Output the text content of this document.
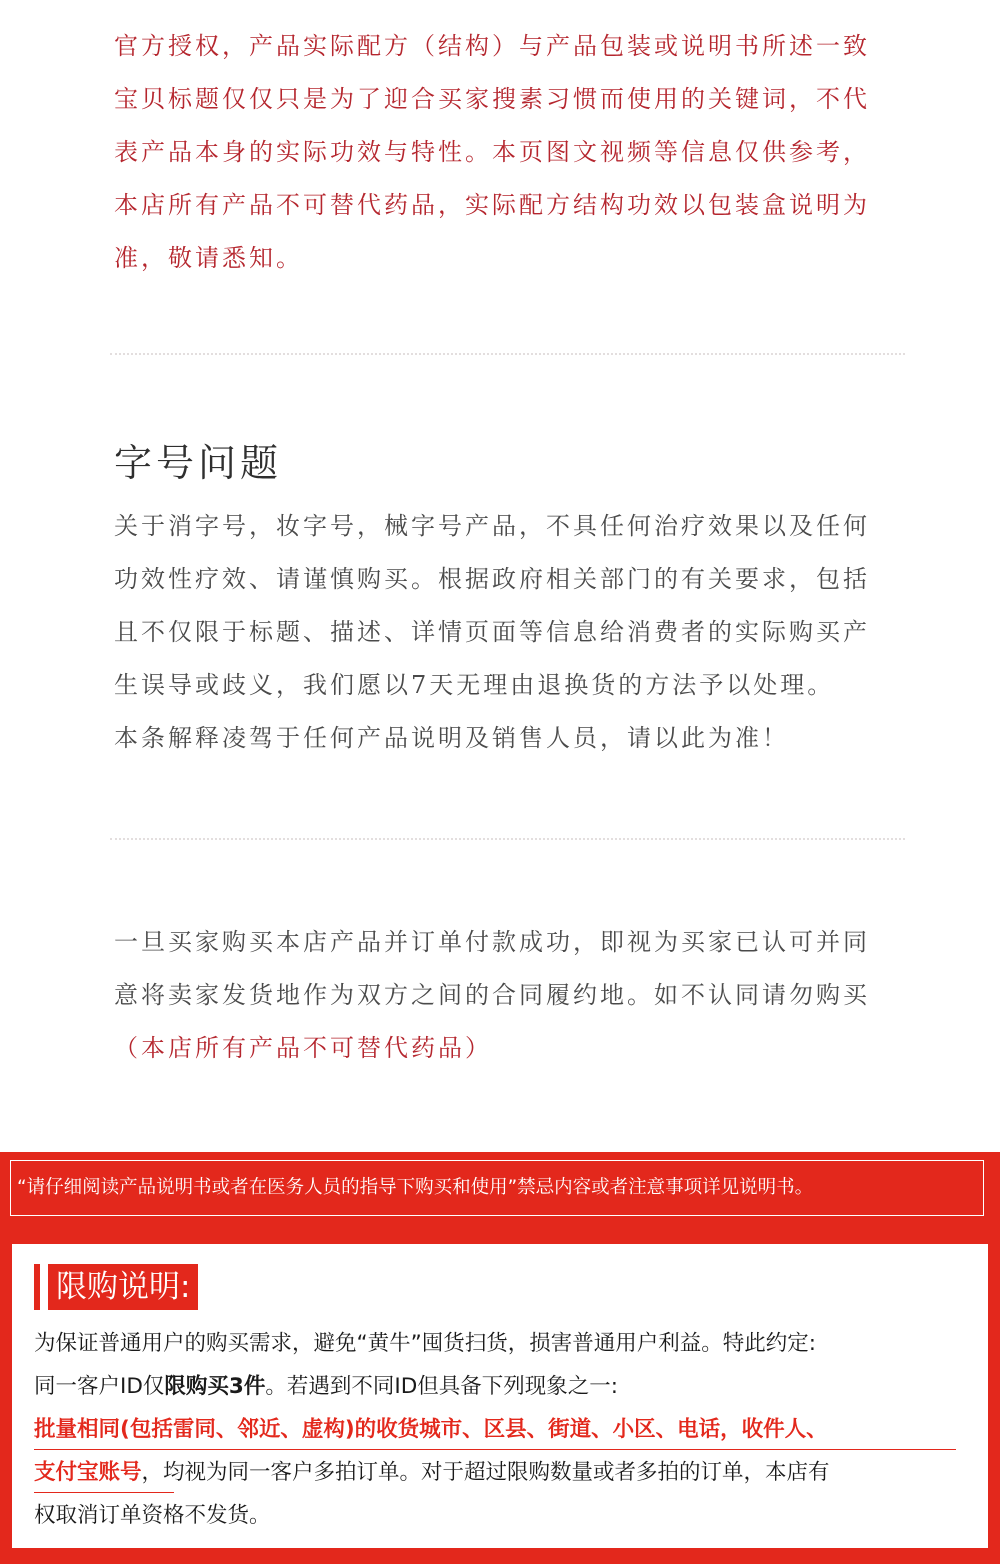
官方授权，产品实际配方（结构）与产品包装或说明书所述一致
宝贝标题仅仅只是为了迎合买家搜素习惯而使用的关键词，不代
表产品本身的实际功效与特性。本页图文视频等信息仅供参考，
本店所有产品不可替代药品，实际配方结构功效以包装盒说明为
准，敬请悉知。

字号问题

关于消字号，妆字号，械字号产品，不具任何治疗效果以及任何
功效性疗效、请谨慎购买。根据政府相关部门的有关要求，包括
且不仅限于标题、描述、详情页面等信息给消费者的实际购买产
生误导或歧义，我们愿以7天无理由退换货的方法予以处理。
本条解释凌驾于任何产品说明及销售人员，请以此为准！

一旦买家购买本店产品并订单付款成功，即视为买家已认可并同
意将卖家发货地作为双方之间的合同履约地。如不认同请勿购买
（本店所有产品不可替代药品）

“请仔细阅读产品说明书或者在医务人员的指导下购买和使用”禁忌内容或者注意事项详见说明书。
限购说明:
为保证普通用户的购买需求，避免“黄牛”囤货扫货，损害普通用户利益。特此约定:
同一客户ID仅限购买3件。若遇到不同ID但具备下列现象之一:
批量相同(包括雷同、邻近、虚构)的收货城市、区县、街道、小区、电话，收件人、
支付宝账号，均视为同一客户多拍订单。对于超过限购数量或者多拍的订单，本店有
权取消订单资格不发货。
